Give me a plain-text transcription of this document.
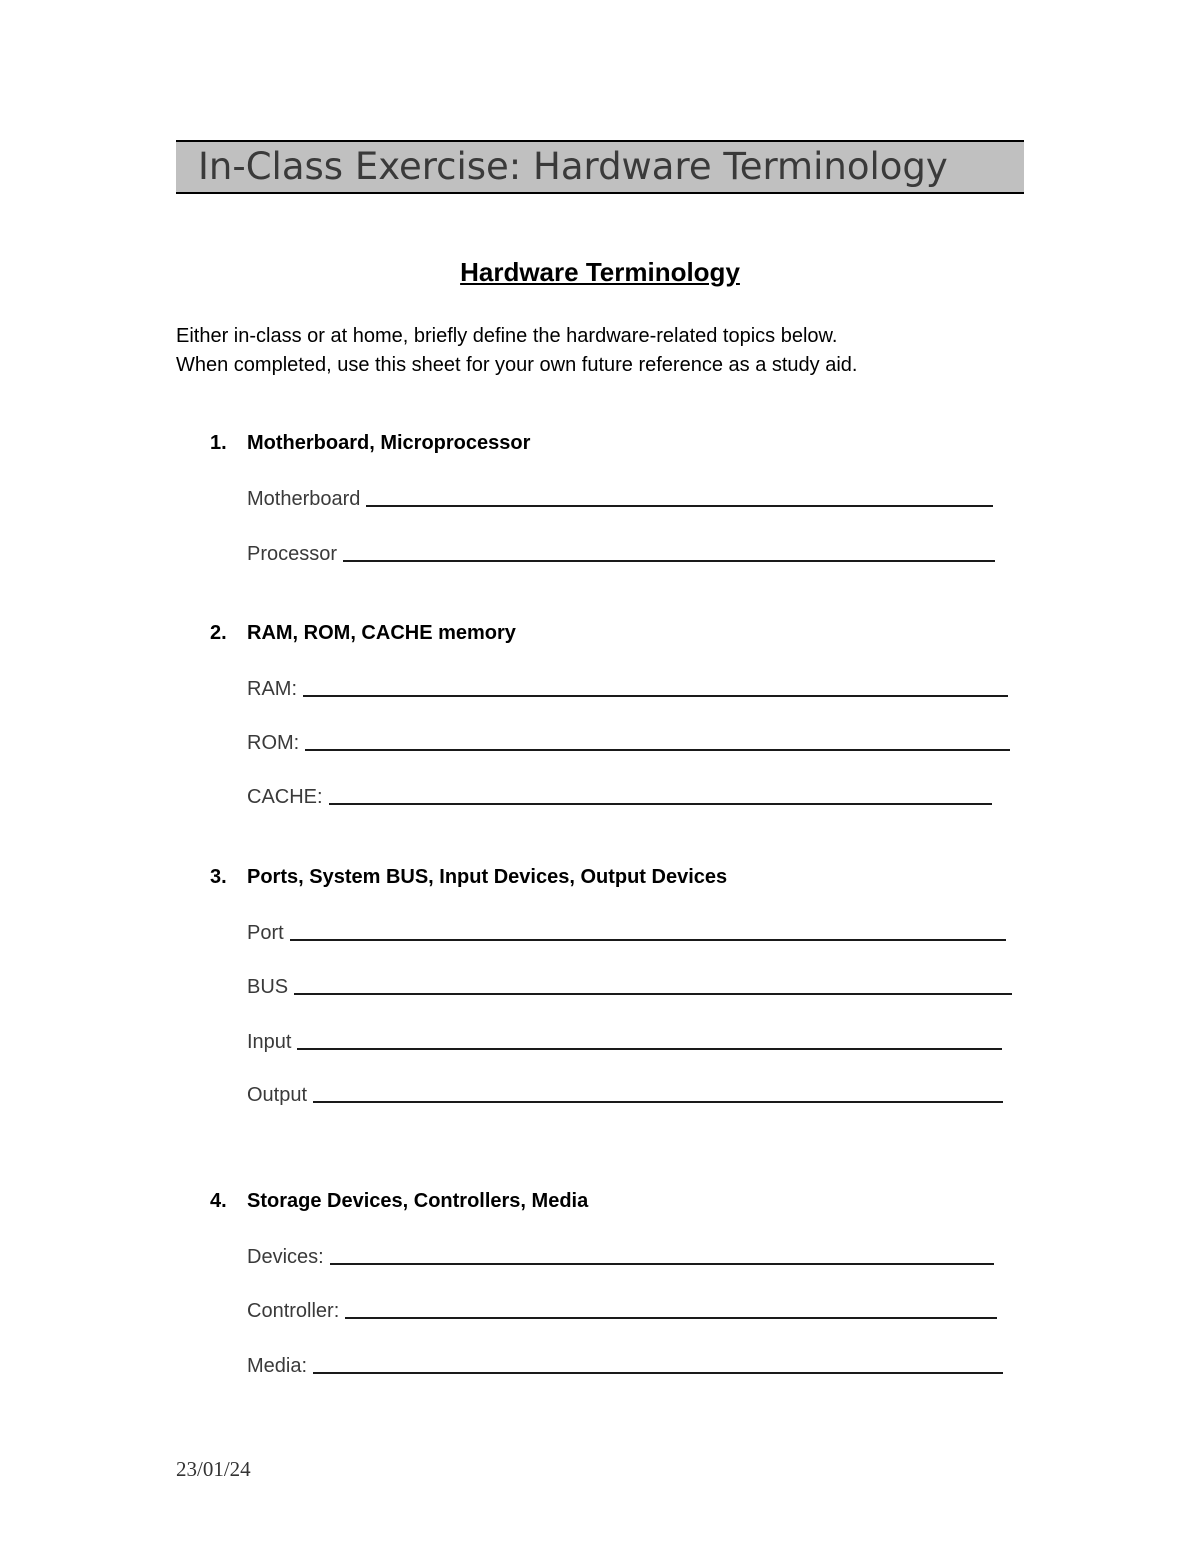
In-Class Exercise: Hardware Terminology
Hardware Terminology
Either in-class or at home, briefly define the hardware-related topics below.
When completed, use this sheet for your own future reference as a study aid.
1. Motherboard, Microprocessor
Motherboard
Processor
2. RAM, ROM, CACHE memory
RAM:
ROM:
CACHE:
3. Ports, System BUS, Input Devices, Output Devices
Port
BUS
Input
Output
4. Storage Devices, Controllers, Media
Devices:
Controller:
Media:
23/01/24
